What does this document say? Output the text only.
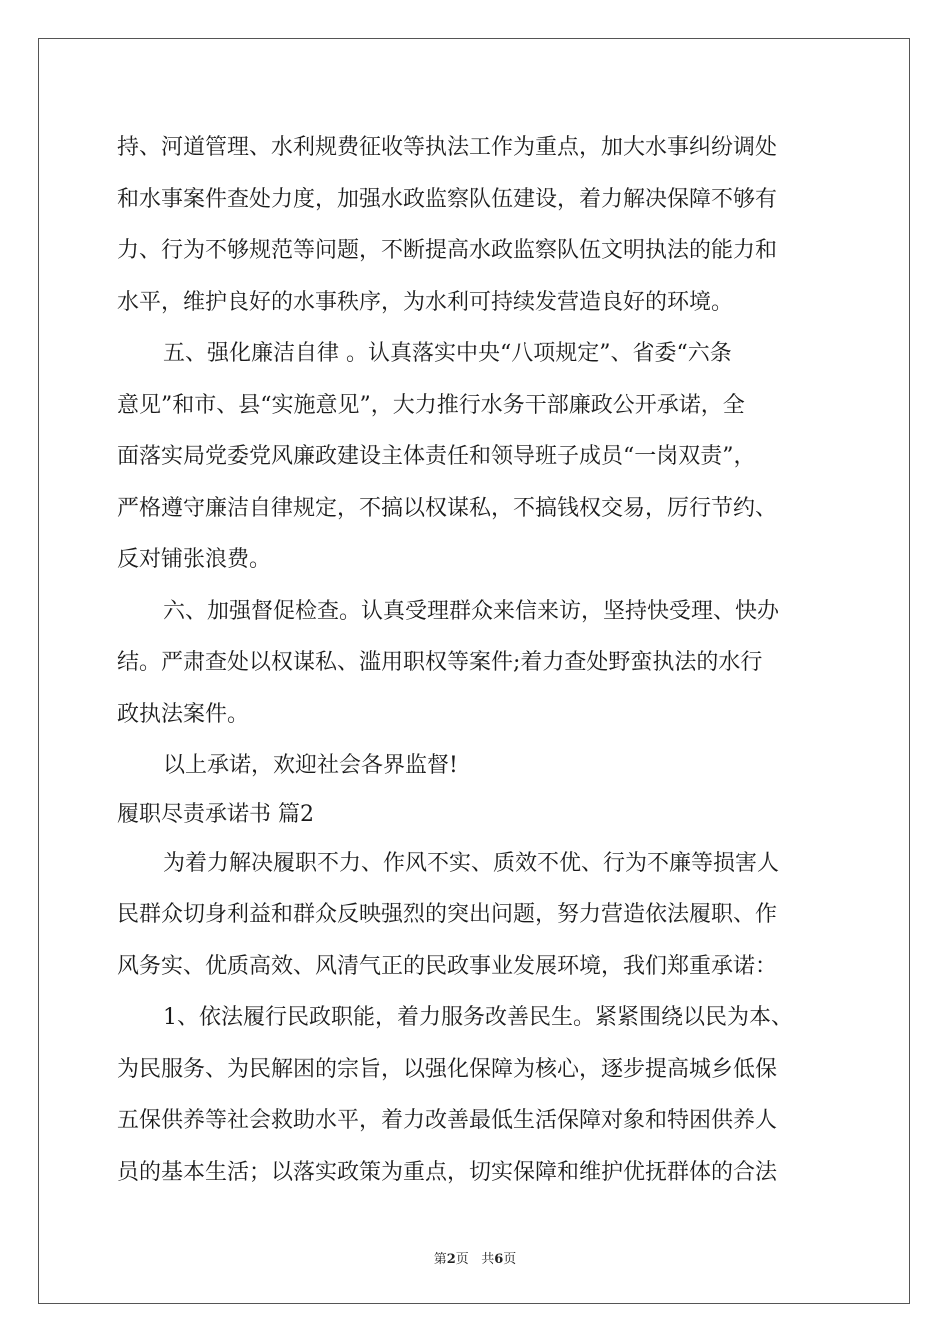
持、河道管理、水利规费征收等执法工作为重点，加大水事纠纷调处
和水事案件查处力度，加强水政监察队伍建设，着力解决保障不够有
力、行为不够规范等问题，不断提高水政监察队伍文明执法的能力和
水平，维护良好的水事秩序，为水利可持续发营造良好的环境。
五、强化廉洁自律 。认真落实中央“八项规定”、省委“六条
意见”和市、县“实施意见”，大力推行水务干部廉政公开承诺，全
面落实局党委党风廉政建设主体责任和领导班子成员“一岗双责”，
严格遵守廉洁自律规定，不搞以权谋私，不搞钱权交易，厉行节约、
反对铺张浪费。
六、加强督促检查。认真受理群众来信来访，坚持快受理、快办
结。严肃查处以权谋私、滥用职权等案件;着力查处野蛮执法的水行
政执法案件。
以上承诺，欢迎社会各界监督!
履职尽责承诺书 篇2
为着力解决履职不力、作风不实、质效不优、行为不廉等损害人
民群众切身利益和群众反映强烈的突出问题，努力营造依法履职、作
风务实、优质高效、风清气正的民政事业发展环境，我们郑重承诺：
1、依法履行民政职能，着力服务改善民生。紧紧围绕以民为本、
为民服务、为民解困的宗旨，以强化保障为核心，逐步提高城乡低保
五保供养等社会救助水平，着力改善最低生活保障对象和特困供养人
员的基本生活；以落实政策为重点，切实保障和维护优抚群体的合法
第2页 共6页
